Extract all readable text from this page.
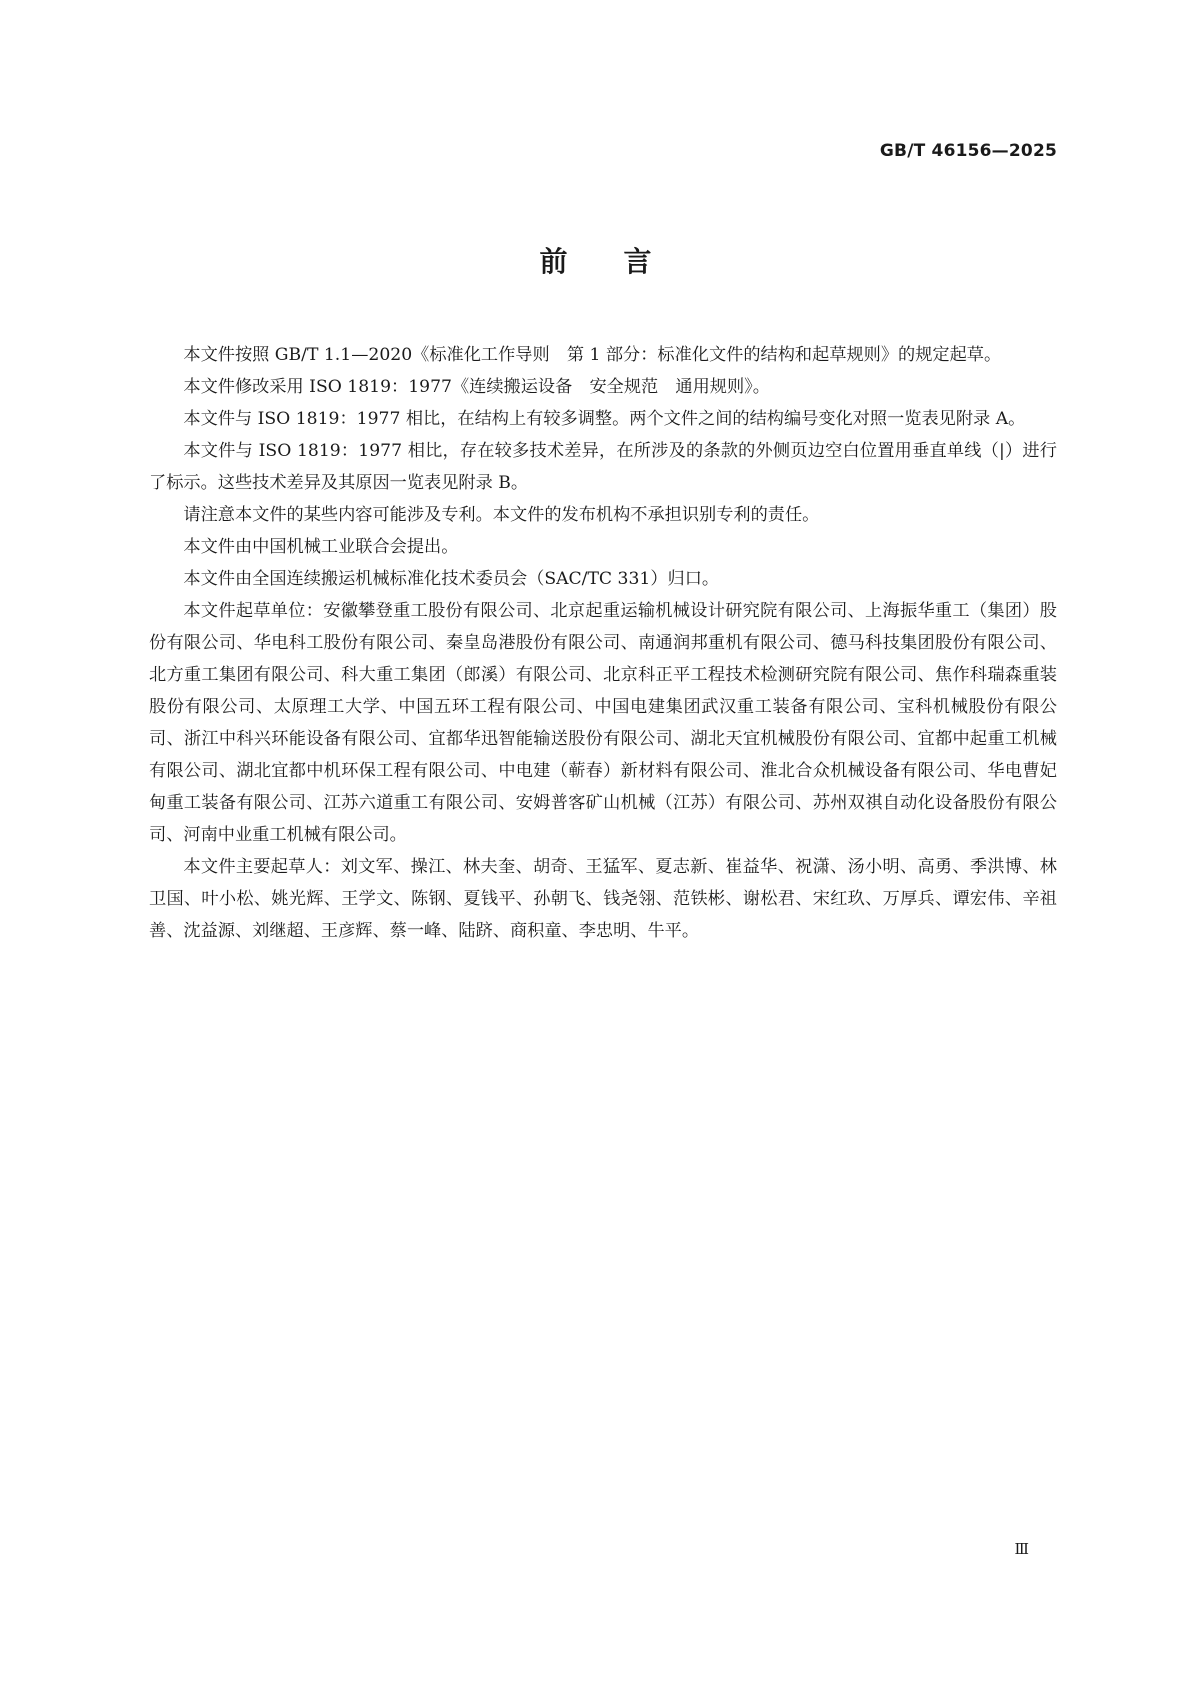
GB/T 46156—2025
前言

本文件按照 GB/T 1.1—2020《标准化工作导则　第 1 部分：标准化文件的结构和起草规则》的规定起草。

本文件修改采用 ISO 1819：1977《连续搬运设备　安全规范　通用规则》。

本文件与 ISO 1819：1977 相比，在结构上有较多调整。两个文件之间的结构编号变化对照一览表见附录 A。

本文件与 ISO 1819：1977 相比，存在较多技术差异，在所涉及的条款的外侧页边空白位置用垂直单线（|）进行了标示。这些技术差异及其原因一览表见附录 B。

请注意本文件的某些内容可能涉及专利。本文件的发布机构不承担识别专利的责任。

本文件由中国机械工业联合会提出。

本文件由全国连续搬运机械标准化技术委员会（SAC/TC 331）归口。

本文件起草单位：安徽攀登重工股份有限公司、北京起重运输机械设计研究院有限公司、上海振华重工（集团）股份有限公司、华电科工股份有限公司、秦皇岛港股份有限公司、南通润邦重机有限公司、德马科技集团股份有限公司、北方重工集团有限公司、科大重工集团（郎溪）有限公司、北京科正平工程技术检测研究院有限公司、焦作科瑞森重装股份有限公司、太原理工大学、中国五环工程有限公司、中国电建集团武汉重工装备有限公司、宝科机械股份有限公司、浙江中科兴环能设备有限公司、宜都华迅智能输送股份有限公司、湖北天宜机械股份有限公司、宜都中起重工机械有限公司、湖北宜都中机环保工程有限公司、中电建（蕲春）新材料有限公司、淮北合众机械设备有限公司、华电曹妃甸重工装备有限公司、江苏六道重工有限公司、安姆普客矿山机械（江苏）有限公司、苏州双祺自动化设备股份有限公司、河南中业重工机械有限公司。

本文件主要起草人：刘文军、操江、林夫奎、胡奇、王猛军、夏志新、崔益华、祝潇、汤小明、高勇、季洪博、林卫国、叶小松、姚光辉、王学文、陈钢、夏钱平、孙朝飞、钱尧翎、范铁彬、谢松君、宋红玖、万厚兵、谭宏伟、辛祖善、沈益源、刘继超、王彦辉、蔡一峰、陆跻、商积童、李忠明、牛平。

Ⅲ
